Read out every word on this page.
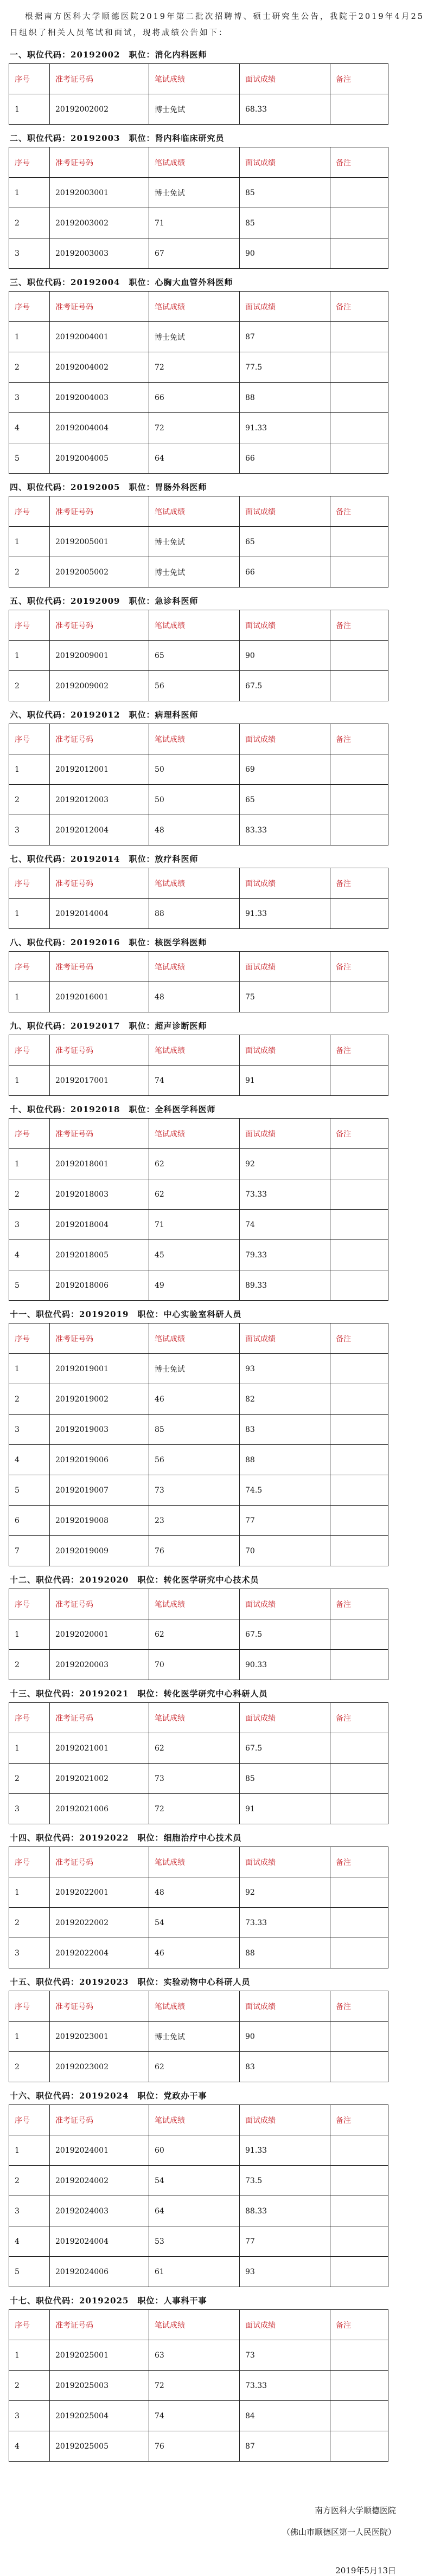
根据南方医科大学顺德医院2019年第二批次招聘博、硕士研究生公告，我院于2019年4月25日组织了相关人员笔试和面试，现将成绩公告如下：

一、职位代码：20192002　职位：消化内科医师
序号	准考证号码	笔试成绩	面试成绩	备注
1	20192002002	博士免试	68.33	
二、职位代码：20192003　职位：肾内科临床研究员
序号	准考证号码	笔试成绩	面试成绩	备注
1	20192003001	博士免试	85	
2	20192003002	71	85	
3	20192003003	67	90	
三、职位代码：20192004　职位：心胸大血管外科医师
序号	准考证号码	笔试成绩	面试成绩	备注
1	20192004001	博士免试	87	
2	20192004002	72	77.5	
3	20192004003	66	88	
4	20192004004	72	91.33	
5	20192004005	64	66	
四、职位代码：20192005　职位：胃肠外科医师
序号	准考证号码	笔试成绩	面试成绩	备注
1	20192005001	博士免试	65	
2	20192005002	博士免试	66	
五、职位代码：20192009　职位：急诊科医师
序号	准考证号码	笔试成绩	面试成绩	备注
1	20192009001	65	90	
2	20192009002	56	67.5	
六、职位代码：20192012　职位：病理科医师
序号	准考证号码	笔试成绩	面试成绩	备注
1	20192012001	50	69	
2	20192012003	50	65	
3	20192012004	48	83.33	
七、职位代码：20192014　职位：放疗科医师
序号	准考证号码	笔试成绩	面试成绩	备注
1	20192014004	88	91.33	
八、职位代码：20192016　职位：核医学科医师
序号	准考证号码	笔试成绩	面试成绩	备注
1	20192016001	48	75	
九、职位代码：20192017　职位：超声诊断医师
序号	准考证号码	笔试成绩	面试成绩	备注
1	20192017001	74	91	
十、职位代码：20192018　职位：全科医学科医师
序号	准考证号码	笔试成绩	面试成绩	备注
1	20192018001	62	92	
2	20192018003	62	73.33	
3	20192018004	71	74	
4	20192018005	45	79.33	
5	20192018006	49	89.33	
十一、职位代码：20192019　职位：中心实验室科研人员
序号	准考证号码	笔试成绩	面试成绩	备注
1	20192019001	博士免试	93	
2	20192019002	46	82	
3	20192019003	85	83	
4	20192019006	56	88	
5	20192019007	73	74.5	
6	20192019008	23	77	
7	20192019009	76	70	
十二、职位代码：20192020　职位：转化医学研究中心技术员
序号	准考证号码	笔试成绩	面试成绩	备注
1	20192020001	62	67.5	
2	20192020003	70	90.33	
十三、职位代码：20192021　职位：转化医学研究中心科研人员
序号	准考证号码	笔试成绩	面试成绩	备注
1	20192021001	62	67.5	
2	20192021002	73	85	
3	20192021006	72	91	
十四、职位代码：20192022　职位：细胞治疗中心技术员
序号	准考证号码	笔试成绩	面试成绩	备注
1	20192022001	48	92	
2	20192022002	54	73.33	
3	20192022004	46	88	
十五、职位代码：20192023　职位：实验动物中心科研人员
序号	准考证号码	笔试成绩	面试成绩	备注
1	20192023001	博士免试	90	
2	20192023002	62	83	
十六、职位代码：20192024　职位：党政办干事
序号	准考证号码	笔试成绩	面试成绩	备注
1	20192024001	60	91.33	
2	20192024002	54	73.5	
3	20192024003	64	88.33	
4	20192024004	53	77	
5	20192024006	61	93	
十七、职位代码：20192025　职位：人事科干事
序号	准考证号码	笔试成绩	面试成绩	备注
1	20192025001	63	73	
2	20192025003	72	73.33	
3	20192025004	74	84	
4	20192025005	76	87	
南方医科大学顺德医院
（佛山市顺德区第一人民医院）
2019年5月13日
